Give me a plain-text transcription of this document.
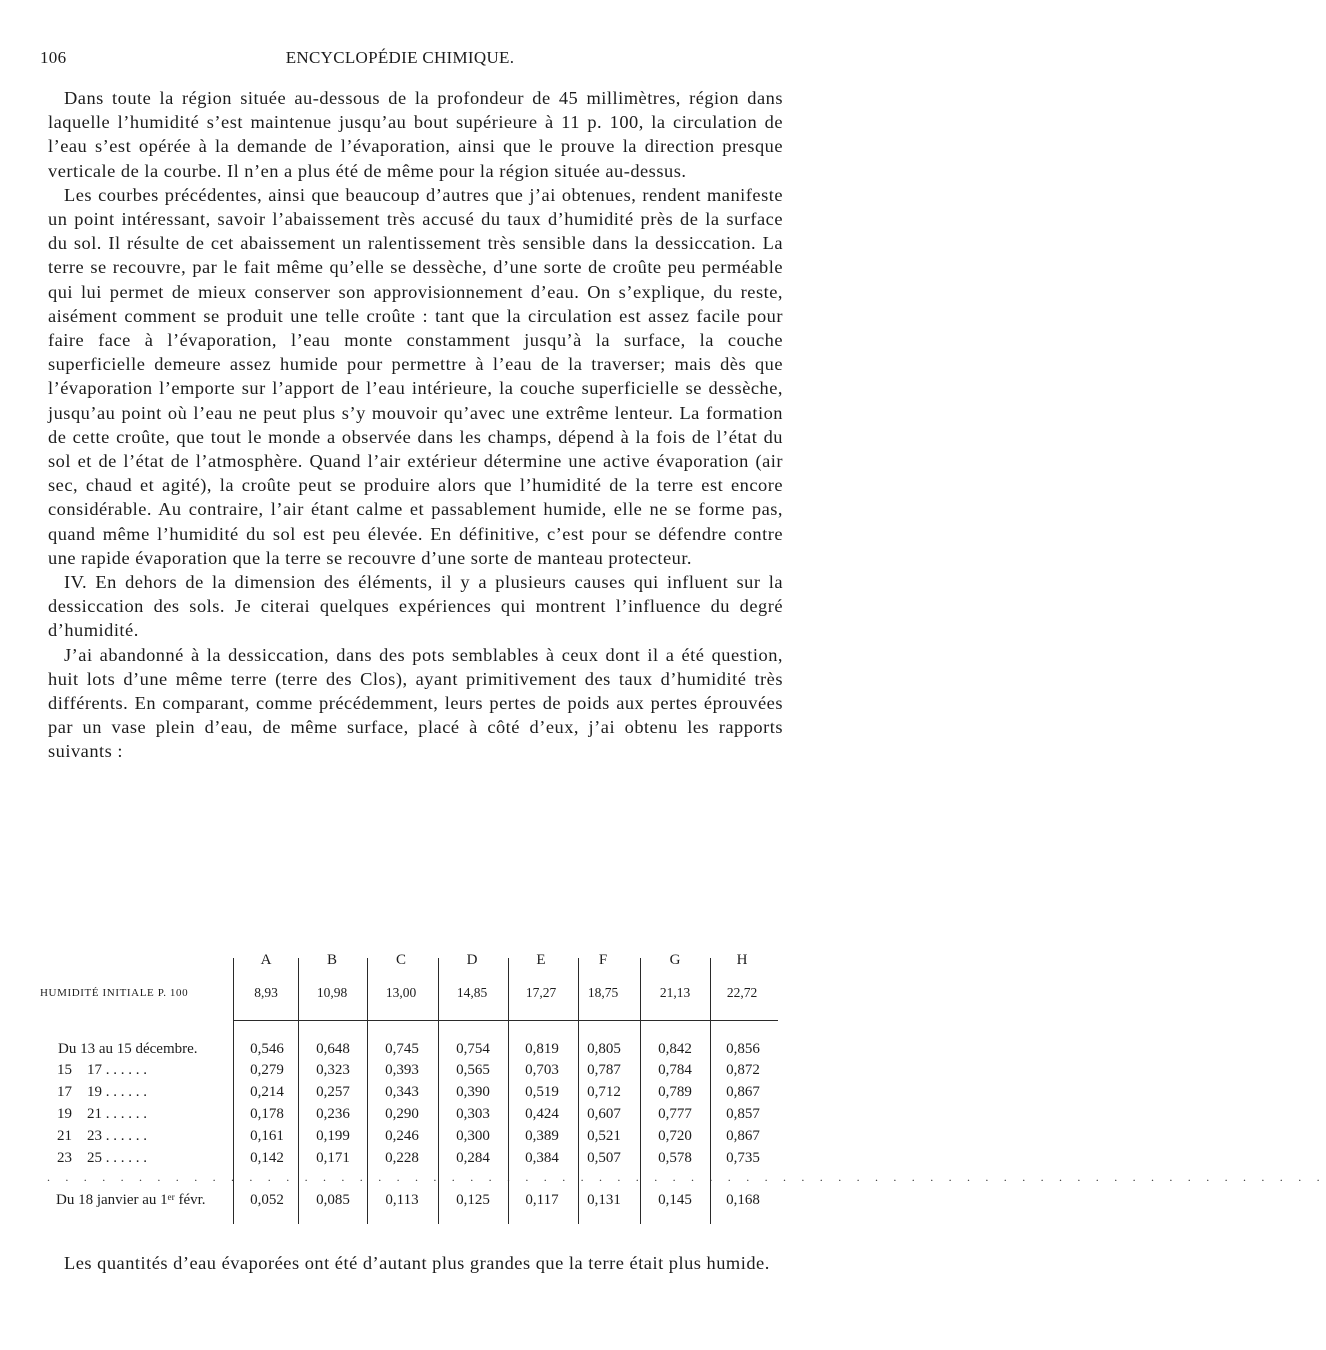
106	ENCYCLOPÉDIE CHIMIQUE.

Dans toute la région située au-dessous de la profondeur de 45 millimètres, région dans laquelle l’humidité s’est maintenue jusqu’au bout supérieure à 11 p. 100, la circulation de l’eau s’est opérée à la demande de l’évaporation, ainsi que le prouve la direction presque verticale de la courbe. Il n’en a plus été de même pour la région située au-dessus.

Les courbes précédentes, ainsi que beaucoup d’autres que j’ai obtenues, rendent manifeste un point intéressant, savoir l’abaissement très accusé du taux d’humidité près de la surface du sol. Il résulte de cet abaissement un ralentissement très sensible dans la dessiccation. La terre se recouvre, par le fait même qu’elle se dessèche, d’une sorte de croûte peu perméable qui lui permet de mieux conserver son approvisionnement d’eau. On s’explique, du reste, aisément comment se produit une telle croûte : tant que la circulation est assez facile pour faire face à l’évaporation, l’eau monte constamment jusqu’à la surface, la couche superficielle demeure assez humide pour permettre à l’eau de la traverser; mais dès que l’évaporation l’emporte sur l’apport de l’eau intérieure, la couche superficielle se dessèche, jusqu’au point où l’eau ne peut plus s’y mouvoir qu’avec une extrême lenteur. La formation de cette croûte, que tout le monde a observée dans les champs, dépend à la fois de l’état du sol et de l’état de l’atmosphère. Quand l’air extérieur détermine une active évaporation (air sec, chaud et agité), la croûte peut se produire alors que l’humidité de la terre est encore considérable. Au contraire, l’air étant calme et passablement humide, elle ne se forme pas, quand même l’humidité du sol est peu élevée. En définitive, c’est pour se défendre contre une rapide évaporation que la terre se recouvre d’une sorte de manteau protecteur.

IV. En dehors de la dimension des éléments, il y a plusieurs causes qui influent sur la dessiccation des sols. Je citerai quelques expériences qui montrent l’influence du degré d’humidité.

J’ai abandonné à la dessiccation, dans des pots semblables à ceux dont il a été question, huit lots d’une même terre (terre des Clos), ayant primitivement des taux d’humidité très différents. En comparant, comme précédemment, leurs pertes de poids aux pertes éprouvées par un vase plein d’eau, de même surface, placé à côté d’eux, j’ai obtenu les rapports suivants :

HUMIDITÉ INITIALE P. 100
A	B	C	D	E	F	G	H
8,93	10,98	13,00	14,85	17,27	18,75	21,13	22,72
Du 13 au 15 décembre.	0,546	0,648	0,745	0,754	0,819	0,805	0,842	0,856
15    17 . . . . . .	0,279	0,323	0,393	0,565	0,703	0,787	0,784	0,872
17    19 . . . . . .	0,214	0,257	0,343	0,390	0,519	0,712	0,789	0,867
19    21 . . . . . .	0,178	0,236	0,290	0,303	0,424	0,607	0,777	0,857
21    23 . . . . . .	0,161	0,199	0,246	0,300	0,389	0,521	0,720	0,867
23    25 . . . . . .	0,142	0,171	0,228	0,284	0,384	0,507	0,578	0,735
. . . . . . . . . . . . . . . . . . . . . . . . . . . . . . . . . . . . . . . . . . . . . . . . . . . . . . . . . . . . . . . . . . . . . .
Du 18 janvier au 1ᵉʳ févr.	0,052	0,085	0,113	0,125	0,117	0,131	0,145	0,168

Les quantités d’eau évaporées ont été d’autant plus grandes que la terre était plus humide.
